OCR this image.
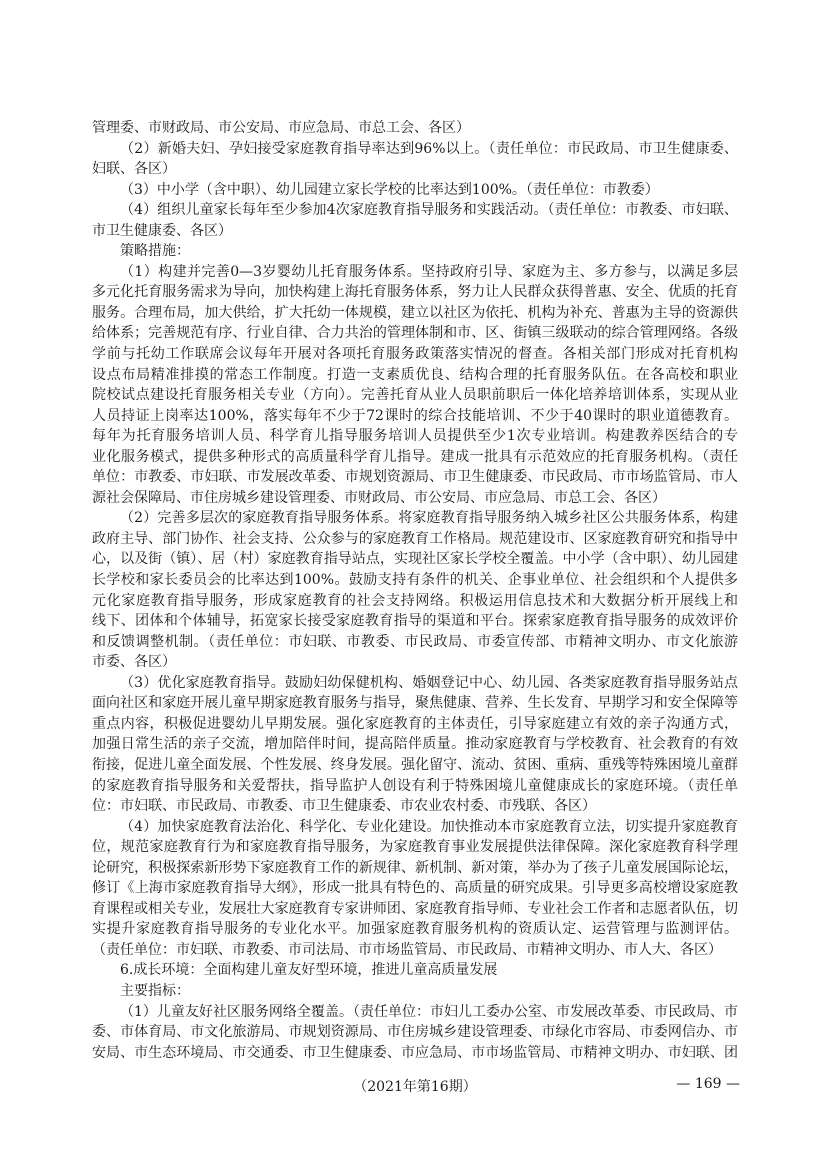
管理委、市财政局、市公安局、市应急局、市总工会、各区）
（2）新婚夫妇、孕妇接受家庭教育指导率达到96%以上。（责任单位：市民政局、市卫生健康委、
妇联、各区）
（3）中小学（含中职）、幼儿园建立家长学校的比率达到100%。（责任单位：市教委）
（4）组织儿童家长每年至少参加4次家庭教育指导服务和实践活动。（责任单位：市教委、市妇联、
市卫生健康委、各区）
策略措施：
（1）构建并完善0—3岁婴幼儿托育服务体系。坚持政府引导、家庭为主、多方参与，以满足多层
多元化托育服务需求为导向，加快构建上海托育服务体系，努力让人民群众获得普惠、安全、优质的托育
服务。合理布局，加大供给，扩大托幼一体规模，建立以社区为依托、机构为补充、普惠为主导的资源供
给体系；完善规范有序、行业自律、合力共治的管理体制和市、区、街镇三级联动的综合管理网络。各级
学前与托幼工作联席会议每年开展对各项托育服务政策落实情况的督查。各相关部门形成对托育机构
设点布局精准排摸的常态工作制度。打造一支素质优良、结构合理的托育服务队伍。在各高校和职业
院校试点建设托育服务相关专业（方向）。完善托育从业人员职前职后一体化培养培训体系，实现从业
人员持证上岗率达100%，落实每年不少于72课时的综合技能培训、不少于40课时的职业道德教育。
每年为托育服务培训人员、科学育儿指导服务培训人员提供至少1次专业培训。构建教养医结合的专
业化服务模式，提供多种形式的高质量科学育儿指导。建成一批具有示范效应的托育服务机构。（责任
单位：市教委、市妇联、市发展改革委、市规划资源局、市卫生健康委、市民政局、市市场监管局、市人
源社会保障局、市住房城乡建设管理委、市财政局、市公安局、市应急局、市总工会、各区）
（2）完善多层次的家庭教育指导服务体系。将家庭教育指导服务纳入城乡社区公共服务体系，构建
政府主导、部门协作、社会支持、公众参与的家庭教育工作格局。规范建设市、区家庭教育研究和指导中
心，以及街（镇）、居（村）家庭教育指导站点，实现社区家长学校全覆盖。中小学（含中职）、幼儿园建
长学校和家长委员会的比率达到100%。鼓励支持有条件的机关、企事业单位、社会组织和个人提供多
元化家庭教育指导服务，形成家庭教育的社会支持网络。积极运用信息技术和大数据分析开展线上和
线下、团体和个体辅导，拓宽家长接受家庭教育指导的渠道和平台。探索家庭教育指导服务的成效评价
和反馈调整机制。（责任单位：市妇联、市教委、市民政局、市委宣传部、市精神文明办、市文化旅游
市委、各区）
（3）优化家庭教育指导。鼓励妇幼保健机构、婚姻登记中心、幼儿园、各类家庭教育指导服务站点
面向社区和家庭开展儿童早期家庭教育服务与指导，聚焦健康、营养、生长发育、早期学习和安全保障等
重点内容，积极促进婴幼儿早期发展。强化家庭教育的主体责任，引导家庭建立有效的亲子沟通方式，
加强日常生活的亲子交流，增加陪伴时间，提高陪伴质量。推动家庭教育与学校教育、社会教育的有效
衔接，促进儿童全面发展、个性发展、终身发展。强化留守、流动、贫困、重病、重残等特殊困境儿童群
的家庭教育指导服务和关爱帮扶，指导监护人创设有利于特殊困境儿童健康成长的家庭环境。（责任单
位：市妇联、市民政局、市教委、市卫生健康委、市农业农村委、市残联、各区）
（4）加快家庭教育法治化、科学化、专业化建设。加快推动本市家庭教育立法，切实提升家庭教育
位，规范家庭教育行为和家庭教育指导服务，为家庭教育事业发展提供法律保障。深化家庭教育科学理
论研究，积极探索新形势下家庭教育工作的新规律、新机制、新对策，举办为了孩子儿童发展国际论坛，
修订《上海市家庭教育指导大纲》，形成一批具有特色的、高质量的研究成果。引导更多高校增设家庭教
育课程或相关专业，发展壮大家庭教育专家讲师团、家庭教育指导师、专业社会工作者和志愿者队伍，切
实提升家庭教育指导服务的专业化水平。加强家庭教育服务机构的资质认定、运营管理与监测评估。
（责任单位：市妇联、市教委、市司法局、市市场监管局、市民政局、市精神文明办、市人大、各区）
6.成长环境：全面构建儿童友好型环境，推进儿童高质量发展
主要指标：
（1）儿童友好社区服务网络全覆盖。（责任单位：市妇儿工委办公室、市发展改革委、市民政局、市
委、市体育局、市文化旅游局、市规划资源局、市住房城乡建设管理委、市绿化市容局、市委网信办、市
安局、市生态环境局、市交通委、市卫生健康委、市应急局、市市场监管局、市精神文明办、市妇联、团
（2021年第16期）	— 169 —
